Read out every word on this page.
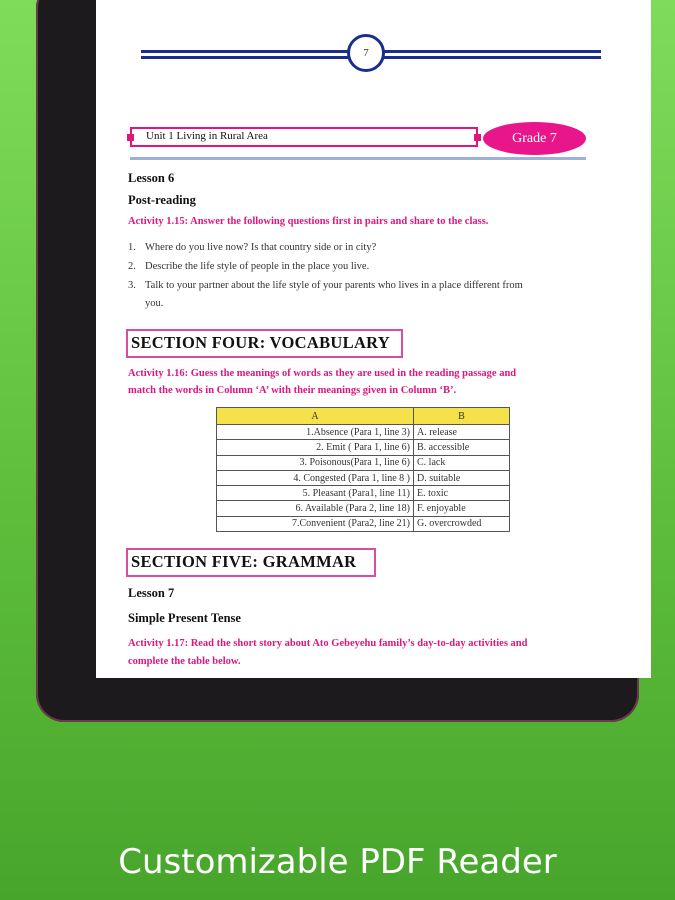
7
Unit 1 Living in Rural Area	Grade 7
Lesson 6
Post-reading
Activity 1.15: Answer the following questions first in pairs and share to the class.
1. Where do you live now? Is that country side or in city?
2. Describe the life style of people in the place you live.
3. Talk to your partner about the life style of your parents who lives in a place different from
you.
SECTION FOUR: VOCABULARY
Activity 1.16: Guess the meanings of words as they are used in the reading passage and
match the words in Column ‘A’ with their meanings given in Column ‘B’.
A	B
1.Absence (Para 1, line 3)	A. release
2. Emit ( Para 1, line 6)	B. accessible
3. Poisonous(Para 1, line 6)	C. lack
4. Congested (Para 1, line 8 )	D. suitable
5. Pleasant (Para1, line 11)	E. toxic
6. Available (Para 2, line 18)	F. enjoyable
7.Convenient (Para2, line 21)	G. overcrowded
SECTION FIVE: GRAMMAR
Lesson 7
Simple Present Tense
Activity 1.17: Read the short story about Ato Gebeyehu family’s day-to-day activities and
complete the table below.
Customizable PDF Reader
